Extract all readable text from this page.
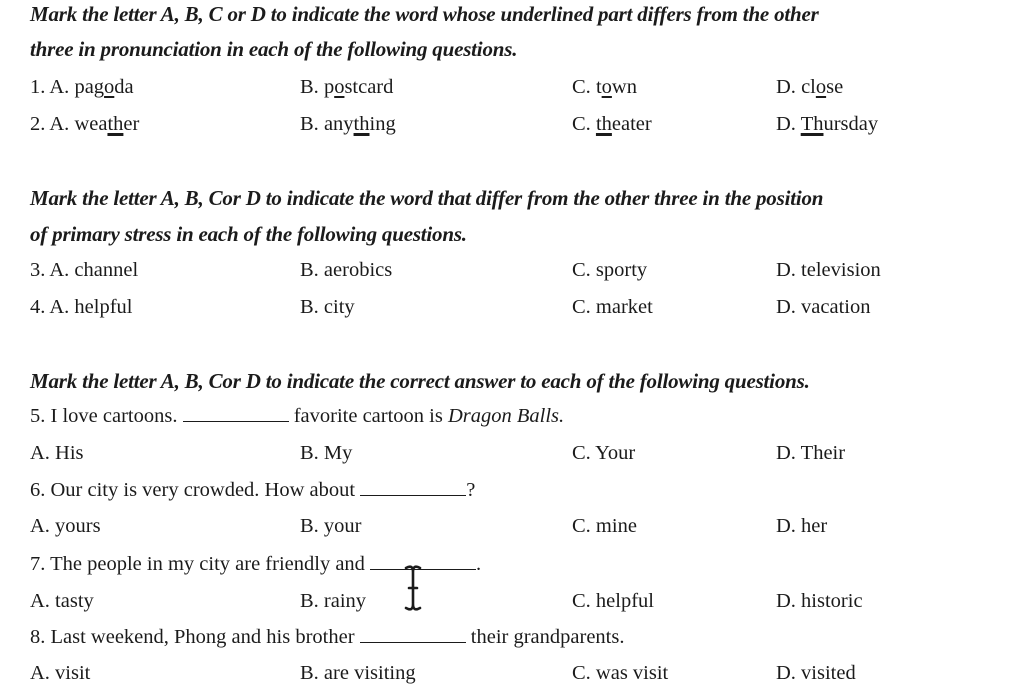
Mark the letter A, B, C or D to indicate the word whose underlined part differs from the other
three in pronunciation in each of the following questions.
1. A. pagoda	B. postcard	C. town	D. close
2. A. weather	B. anything	C. theater	D. Thursday
Mark the letter A, B, Cor D to indicate the word that differ from the other three in the position
of primary stress in each of the following questions.
3. A. channel	B. aerobics	C. sporty	D. television
4. A. helpful	B. city	C. market	D. vacation
Mark the letter A, B, Cor D to indicate the correct answer to each of the following questions.
5. I love cartoons.	favorite cartoon is Dragon Balls.
A. His	B. My	C. Your	D. Their
6. Our city is very crowded. How about	?
A. yours	B. your	C. mine	D. her
7. The people in my city are friendly and	.
A. tasty	B. rainy	C. helpful	D. historic
8. Last weekend, Phong and his brother	their grandparents.
A. visit	B. are visiting	C. was visit	D. visited
